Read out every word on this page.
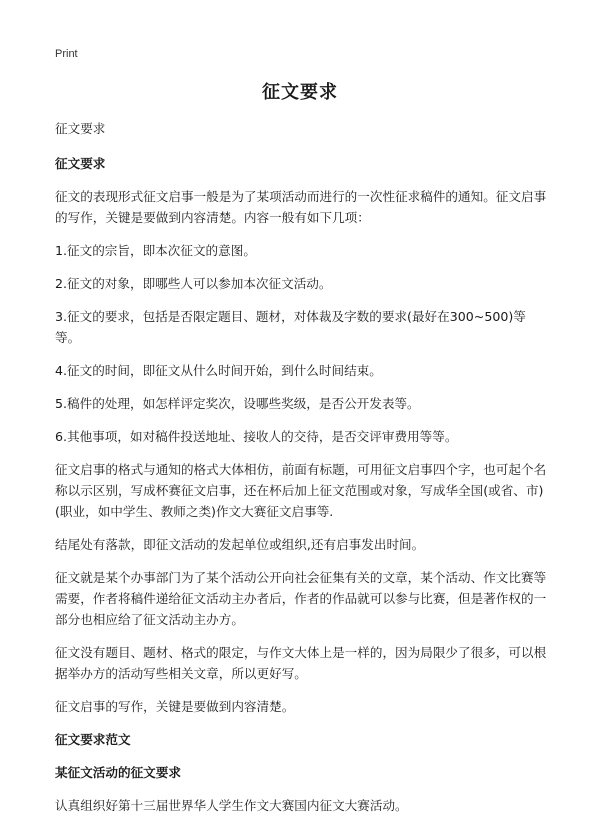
Print
征文要求

征文要求

征文要求

征文的表现形式征文启事一般是为了某项活动而进行的一次性征求稿件的通知。征文启事的写作，关键是要做到内容清楚。内容一般有如下几项：

1.征文的宗旨，即本次征文的意图。

2.征文的对象，即哪些人可以参加本次征文活动。

3.征文的要求，包括是否限定题目、题材，对体裁及字数的要求(最好在300~500)等等。

4.征文的时间，即征文从什么时间开始，到什么时间结束。

5.稿件的处理，如怎样评定奖次，设哪些奖级，是否公开发表等。

6.其他事项，如对稿件投送地址、接收人的交待，是否交评审费用等等。

征文启事的格式与通知的格式大体相仿，前面有标题，可用征文启事四个字，也可起个名称以示区别，写成杯赛征文启事，还在杯后加上征文范围或对象，写成华全国(或省、市)(职业，如中学生、教师之类)作文大赛征文启事等.

结尾处有落款，即征文活动的发起单位或组织,还有启事发出时间。

征文就是某个办事部门为了某个活动公开向社会征集有关的文章，某个活动、作文比赛等需要，作者将稿件递给征文活动主办者后，作者的作品就可以参与比赛，但是著作权的一部分也相应给了征文活动主办方。

征文没有题目、题材、格式的限定，与作文大体上是一样的，因为局限少了很多，可以根据举办方的活动写些相关文章，所以更好写。

征文启事的写作，关键是要做到内容清楚。

征文要求范文

某征文活动的征文要求

认真组织好第十三届世界华人学生作文大赛国内征文大赛活动。
